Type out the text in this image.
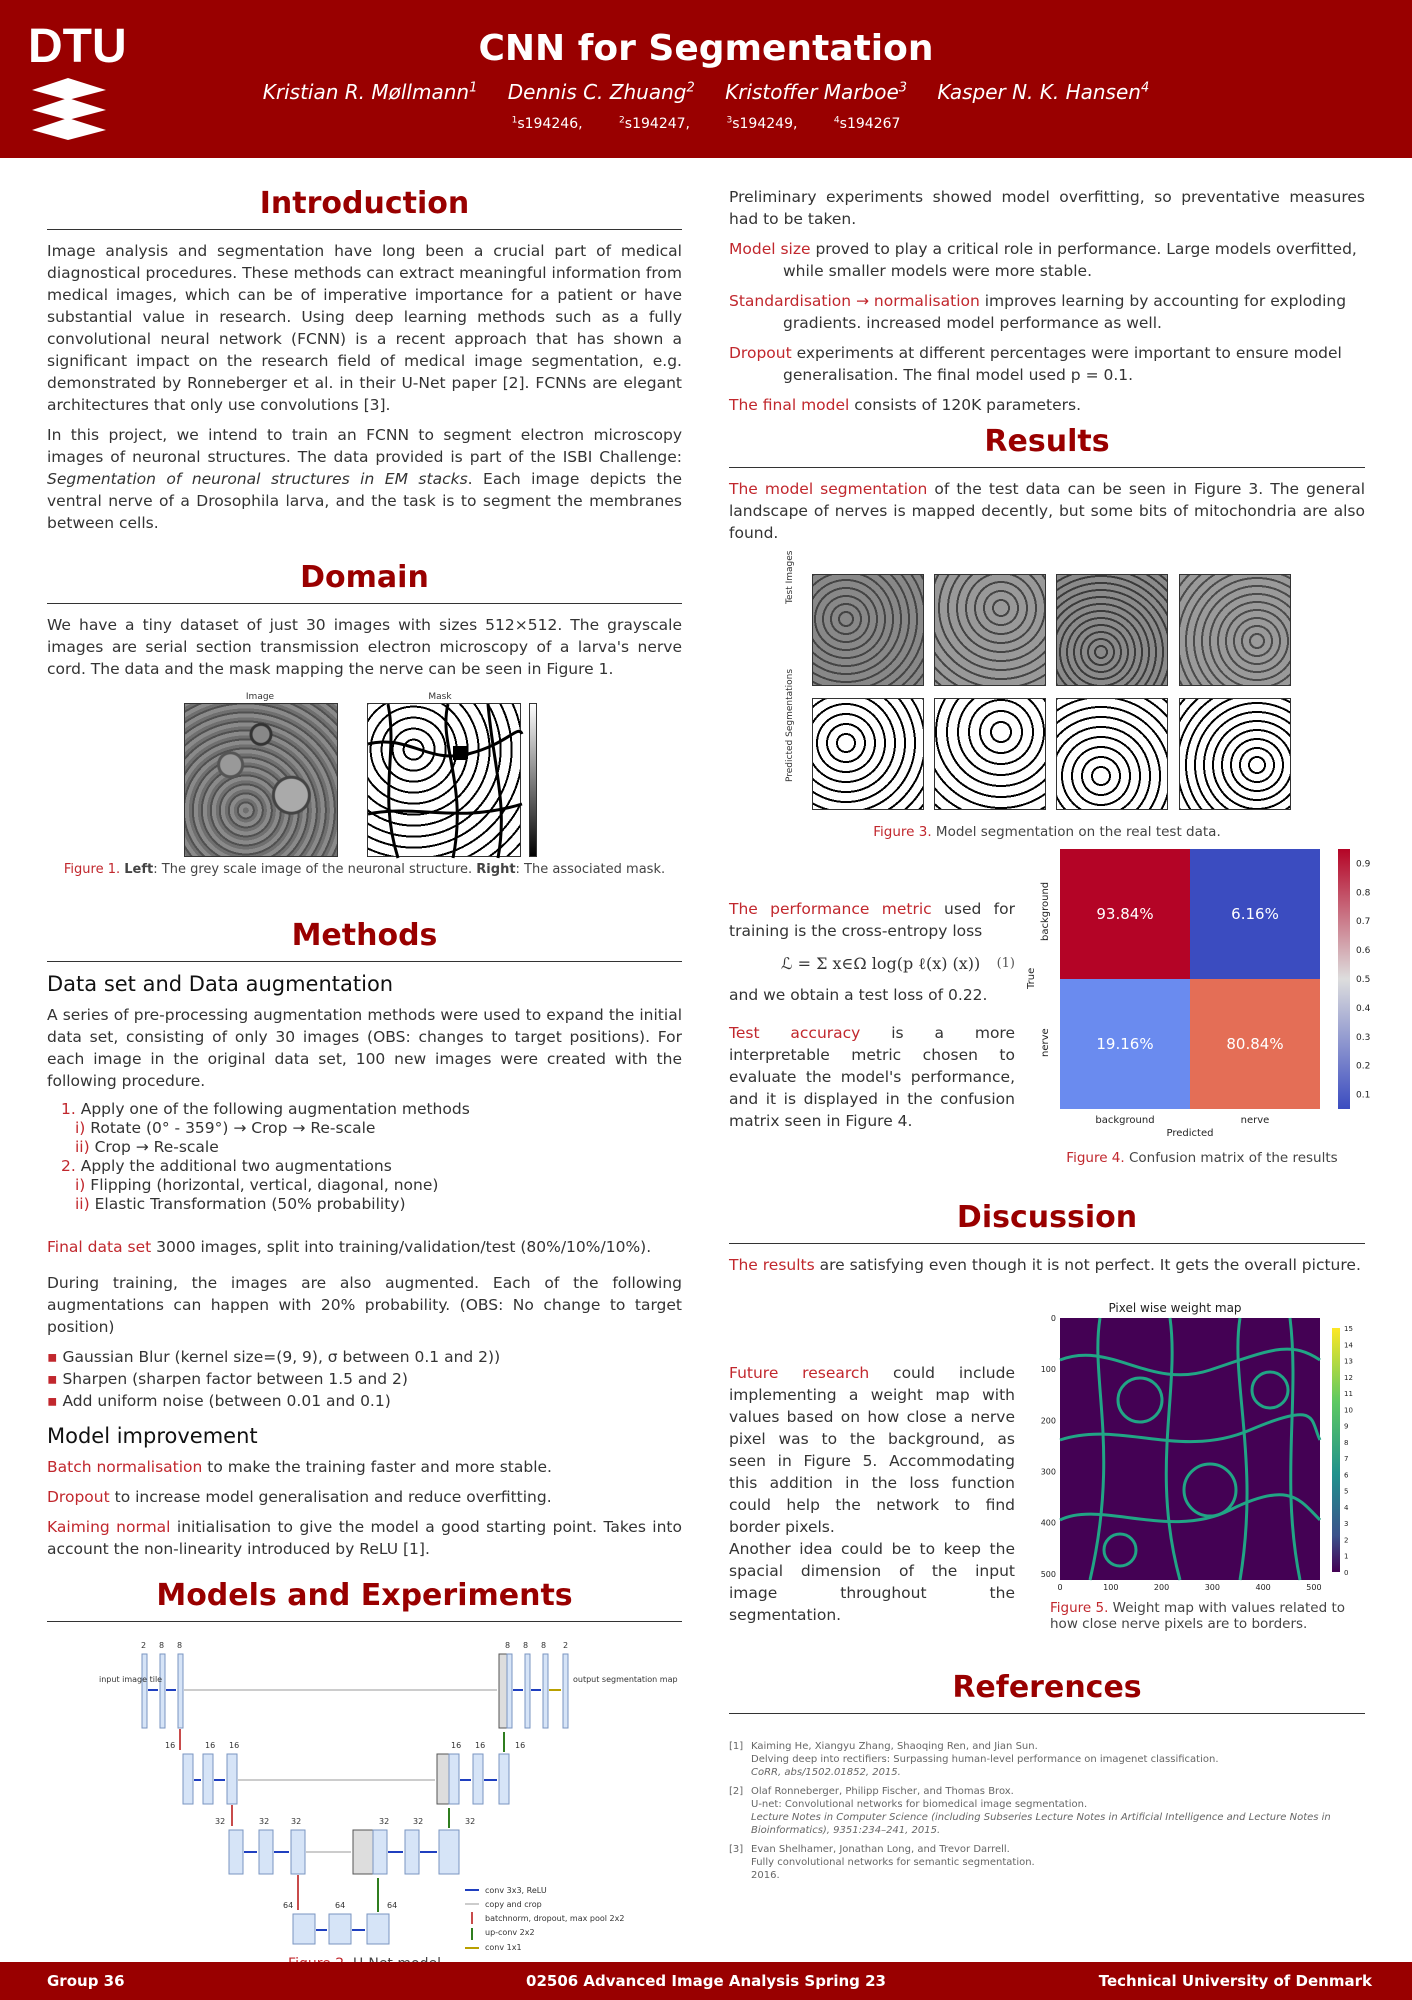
DTU	CNN for Segmentation
Kristian R. Møllmann$^1$ Dennis C. Zhuang$^2$ Kristoffer Marboe$^3$ Kasper N. K. Hansen$^4$
$^1$s194246,	$^2$s194247,	$^3$s194249,	$^4$s194267
Introduction

Image analysis and segmentation have long been a crucial part of medical diagnostical procedures. These methods can extract meaningful information from medical images, which can be of imperative importance for a patient or have substantial value in research. Using deep learning methods such as a fully convolutional neural network (FCNN) is a recent approach that has shown a significant impact on the research field of medical image segmentation, e.g. demonstrated by Ronneberger et al. in their U-Net paper [2]. FCNNs are elegant architectures that only use convolutions [3].

In this project, we intend to train an FCNN to segment electron microscopy images of neuronal structures. The data provided is part of the ISBI Challenge: Segmentation of neuronal structures in EM stacks. Each image depicts the ventral nerve of a Drosophila larva, and the task is to segment the membranes between cells.

Domain

We have a tiny dataset of just 30 images with sizes 512×512. The grayscale images are serial section transmission electron microscopy of a larva's nerve cord. The data and the mask mapping the nerve can be seen in Figure 1.

Image	Mask
Figure 1. Left: The grey scale image of the neuronal structure. Right: The associated mask.
Methods
Data set and Data augmentation

A series of pre-processing augmentation methods were used to expand the initial data set, consisting of only 30 images (OBS: changes to target positions). For each image in the original data set, 100 new images were created with the following procedure.

1. Apply one of the following augmentation methods
i) Rotate (0° - 359°) → Crop → Re-scale
ii) Crop → Re-scale
2. Apply the additional two augmentations
i) Flipping (horizontal, vertical, diagonal, none)
ii) Elastic Transformation (50% probability)

Final data set 3000 images, split into training/validation/test (80%/10%/10%).

During training, the images are also augmented. Each of the following augmentations can happen with 20% probability. (OBS: No change to target position)

▪ Gaussian Blur (kernel size=(9, 9), σ between 0.1 and 2))
▪ Sharpen (sharpen factor between 1.5 and 2)
▪ Add uniform noise (between 0.01 and 0.1)
Model improvement

Batch normalisation to make the training faster and more stable.

Dropout to increase model generalisation and reduce overfitting.

Kaiming normal initialisation to give the model a good starting point. Takes into account the non-linearity introduced by ReLU [1].

Models and Experiments
input image tile	output segmentation map
2 8 8
16	16 16
32	32	32
64	64	64
32	32	32
16 16	16
8 8 8 2
conv 3x3, ReLU
copy and crop
batchnorm, dropout, max pool 2x2
up-conv 2x2
conv 1x1

Preliminary experiments showed model overfitting, so preventative measures had to be taken.

Model size proved to play a critical role in performance. Large models overfitted, while smaller models were more stable.

Standardisation → normalisation improves learning by accounting for exploding gradients. increased model performance as well.

Dropout experiments at different percentages were important to ensure model generalisation. The final model used p = 0.1.

The final model consists of 120K parameters.

Results

The model segmentation of the test data can be seen in Figure 3. The general landscape of nerves is mapped decently, but some bits of mitochondria are also found.

Test Images
Predicted Segmentations
Figure 3. Model segmentation on the real test data.

The performance metric used for training is the cross-entropy loss

ℒ = Σ x∈Ω log(p ℓ(x) (x)) (1)

and we obtain a test loss of 0.22.

Test accuracy is a more interpretable metric chosen to evaluate the model's performance, and it is displayed in the confusion matrix seen in Figure 4.

93.84%	6.16%
19.16%	80.84%
background
nerve
True
background	nerve
Predicted
0.9
0.8
0.7
0.6
0.5
0.4
0.3
0.2
0.1
Figure 4. Confusion matrix of the results
Discussion

The results are satisfying even though it is not perfect. It gets the overall picture.

Future research could include implementing a weight map with values based on how close a nerve pixel was to the background, as seen in Figure 5. Accommodating this addition in the loss function could help the network to find border pixels.

Another idea could be to keep the spacial dimension of the input image throughout the segmentation.

Pixel wise weight map
0	100	200	300	400	500
0
100
200
300
400
500
15
14
13
12
11
10
9
8
7
6
5
4
3
2
1
0
Figure 5. Weight map with values related to how close nerve pixels are to borders.
References
[1] Kaiming He, Xiangyu Zhang, Shaoqing Ren, and Jian Sun.
Delving deep into rectifiers: Surpassing human-level performance on imagenet classification.
CoRR, abs/1502.01852, 2015.
[2] Olaf Ronneberger, Philipp Fischer, and Thomas Brox.
U-net: Convolutional networks for biomedical image segmentation.
Lecture Notes in Computer Science (including Subseries Lecture Notes in Artificial Intelligence and Lecture Notes in Bioinformatics), 9351:234–241, 2015.
[3] Evan Shelhamer, Jonathan Long, and Trevor Darrell.
Fully convolutional networks for semantic segmentation.
2016.
Group 36	02506 Advanced Image Analysis Spring 23	Technical University of Denmark
